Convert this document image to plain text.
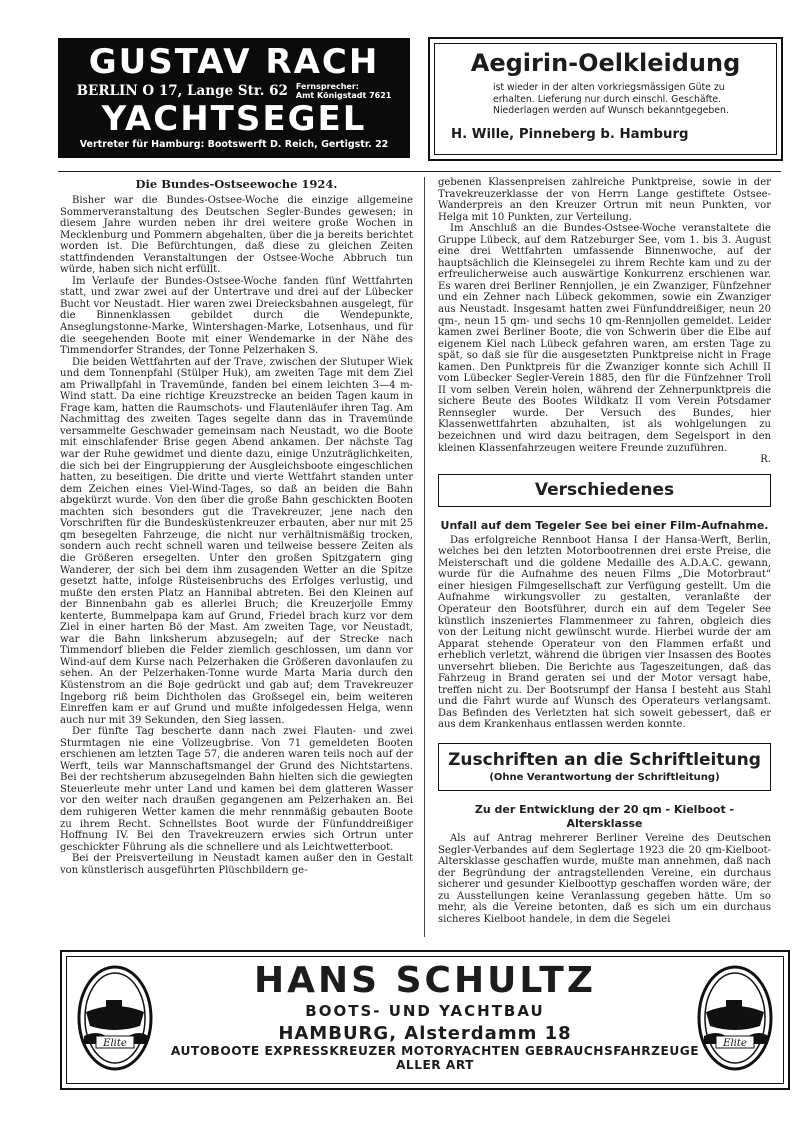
GUSTAV RACH
BERLIN O 17, Lange Str. 62 Fernsprecher:
Amt Königstadt 7621
YACHTSEGEL
Vertreter für Hamburg: Bootswerft D. Reich, Gertigstr. 22
Aegirin-Oelkleidung
ist wieder in der alten vorkriegsmässigen Güte zu
erhalten. Lieferung nur durch einschl. Geschäfte.
Niederlagen werden auf Wunsch bekanntgegeben.
H. Wille, Pinneberg b. Hamburg
Die Bundes-Ostseewoche 1924.

Bisher war die Bundes-Ostsee-Woche die einzige allgemeine Sommerveranstaltung des Deutschen Segler-Bundes gewesen; in diesem Jahre wurden neben ihr drei weitere große Wochen in Mecklenburg und Pommern abgehalten, über die ja bereits berichtet worden ist. Die Befürchtungen, daß diese zu gleichen Zeiten stattfindenden Veranstaltungen der Ostsee-Woche Abbruch tun würde, haben sich nicht erfüllt.

Im Verlaufe der Bundes-Ostsee-Woche fanden fünf Wettfahrten statt, und zwar zwei auf der Untertrave und drei auf der Lübecker Bucht vor Neustadt. Hier waren zwei Dreiecksbahnen ausgelegt, für die Binnenklassen gebildet durch die Wendepunkte, Anseglungstonne-Marke, Wintershagen-Marke, Lotsenhaus, und für die seegehenden Boote mit einer Wendemarke in der Nähe des Timmendorfer Strandes, der Tonne Pelzerhaken S.

Die beiden Wettfahrten auf der Trave, zwischen der Slutuper Wiek und dem Tonnenpfahl (Stülper Huk), am zweiten Tage mit dem Ziel am Priwallpfahl in Travemünde, fanden bei einem leichten 3—4 m-Wind statt. Da eine richtige Kreuzstrecke an beiden Tagen kaum in Frage kam, hatten die Raumschots- und Flautenläufer ihren Tag. Am Nachmittag des zweiten Tages segelte dann das in Travemünde versammelte Geschwader gemeinsam nach Neustadt, wo die Boote mit einschlafender Brise gegen Abend ankamen. Der nächste Tag war der Ruhe gewidmet und diente dazu, einige Unzuträglichkeiten, die sich bei der Eingruppierung der Ausgleichsboote eingeschlichen hatten, zu beseitigen. Die dritte und vierte Wettfahrt standen unter dem Zeichen eines Viel-Wind-Tages, so daß an beiden die Bahn abgekürzt wurde. Von den über die große Bahn geschickten Booten machten sich besonders gut die Travekreuzer, jene nach den Vorschriften für die Bundesküstenkreuzer erbauten, aber nur mit 25 qm besegelten Fahrzeuge, die nicht nur verhältnismäßig trocken, sondern auch recht schnell waren und teilweise bessere Zeiten als die Größeren ersegelten. Unter den großen Spitzgatern ging Wanderer, der sich bei dem ihm zusagenden Wetter an die Spitze gesetzt hatte, infolge Rüsteisenbruchs des Erfolges verlustig, und mußte den ersten Platz an Hannibal abtreten. Bei den Kleinen auf der Binnenbahn gab es allerlei Bruch; die Kreuzerjolle Emmy kenterte, Bummelpapa kam auf Grund, Friedel brach kurz vor dem Ziel in einer harten Bö der Mast. Am zweiten Tage, vor Neustadt, war die Bahn linksherum abzusegeln; auf der Strecke nach Timmendorf blieben die Felder ziemlich geschlossen, um dann vor Wind-auf dem Kurse nach Pelzerhaken die Größeren davonlaufen zu sehen. An der Pelzerhaken-Tonne wurde Marta Maria durch den Küstenstrom an die Boje gedrückt und gab auf; dem Travekreuzer Ingeborg riß beim Dichtholen das Großsegel ein, beim weiteren Einreffen kam er auf Grund und mußte infolgedessen Helga, wenn auch nur mit 39 Sekunden, den Sieg lassen.

Der fünfte Tag bescherte dann nach zwei Flauten- und zwei Sturmtagen nie eine Vollzeugbrise. Von 71 gemeldeten Booten erschienen am letzten Tage 57, die anderen waren teils noch auf der Werft, teils war Mannschaftsmangel der Grund des Nichtstartens. Bei der rechtsherum abzusegelnden Bahn hielten sich die gewiegten Steuerleute mehr unter Land und kamen bei dem glatteren Wasser vor den weiter nach draußen gegangenen am Pelzerhaken an. Bei dem ruhigeren Wetter kamen die mehr rennmäßig gebauten Boote zu ihrem Recht. Schnellstes Boot wurde der Fünfunddreißiger Hoffnung IV. Bei den Travekreuzern erwies sich Ortrun unter geschickter Führung als die schnellere und als Leichtwetterboot.

Bei der Preisverteilung in Neustadt kamen außer den in Gestalt von künstlerisch ausgeführten Plüschbildern ge-

gebenen Klassenpreisen zahlreiche Punktpreise, sowie in der Travekreuzerklasse der von Herrn Lange gestiftete Ostsee-Wanderpreis an den Kreuzer Ortrun mit neun Punkten, vor Helga mit 10 Punkten, zur Verteilung.

Im Anschluß an die Bundes-Ostsee-Woche veranstaltete die Gruppe Lübeck, auf dem Ratzeburger See, vom 1. bis 3. August eine drei Wettfahrten umfassende Binnenwoche, auf der hauptsächlich die Kleinsegelei zu ihrem Rechte kam und zu der erfreulicherweise auch auswärtige Konkurrenz erschienen war. Es waren drei Berliner Rennjollen, je ein Zwanziger, Fünfzehner und ein Zehner nach Lübeck gekommen, sowie ein Zwanziger aus Neustadt. Insgesamt hatten zwei Fünfunddreißiger, neun 20 qm-, neun 15 qm- und sechs 10 qm-Rennjollen gemeldet. Leider kamen zwei Berliner Boote, die von Schwerin über die Elbe auf eigenem Kiel nach Lübeck gefahren waren, am ersten Tage zu spät, so daß sie für die ausgesetzten Punktpreise nicht in Frage kamen. Den Punktpreis für die Zwanziger konnte sich Achill II vom Lübecker Segler-Verein 1885, den für die Fünfzehner Troll II vom selben Verein holen, während der Zehnerpunktpreis die sichere Beute des Bootes Wildkatz II vom Verein Potsdamer Rennsegler wurde. Der Versuch des Bundes, hier Klassenwettfahrten abzuhalten, ist als wohlgelungen zu bezeichnen und wird dazu beitragen, dem Segelsport in den kleinen Klassenfahrzeugen weitere Freunde zuzuführen.

R.
Verschiedenes
Unfall auf dem Tegeler See bei einer Film-Aufnahme.

Das erfolgreiche Rennboot Hansa I der Hansa-Werft, Berlin, welches bei den letzten Motorbootrennen drei erste Preise, die Meisterschaft und die goldene Medaille des A.D.A.C. gewann, wurde für die Aufnahme des neuen Films „Die Motorbraut“ einer hiesigen Filmgesellschaft zur Verfügung gestellt. Um die Aufnahme wirkungsvoller zu gestalten, veranlaßte der Operateur den Bootsführer, durch ein auf dem Tegeler See künstlich inszeniertes Flammenmeer zu fahren, obgleich dies von der Leitung nicht gewünscht wurde. Hierbei wurde der am Apparat stehende Operateur von den Flammen erfaßt und erheblich verletzt, während die übrigen vier Insassen des Bootes unversehrt blieben. Die Berichte aus Tageszeitungen, daß das Fahrzeug in Brand geraten sei und der Motor versagt habe, treffen nicht zu. Der Bootsrumpf der Hansa I besteht aus Stahl und die Fahrt wurde auf Wunsch des Operateurs verlangsamt. Das Befinden des Verletzten hat sich soweit gebessert, daß er aus dem Krankenhaus entlassen werden konnte.

Zuschriften an die Schriftleitung
(Ohne Verantwortung der Schriftleitung)
Zu der Entwicklung der 20 qm - Kielboot - Altersklasse

Als auf Antrag mehrerer Berliner Vereine des Deutschen Segler-Verbandes auf dem Seglertage 1923 die 20 qm-Kielboot-Altersklasse geschaffen wurde, mußte man annehmen, daß nach der Begründung der antragstellenden Vereine, ein durchaus sicherer und gesunder Kielboottyp geschaffen worden wäre, der zu Ausstellungen keine Veranlassung gegeben hätte. Um so mehr, als die Vereine betonten, daß es sich um ein durchaus sicheres Kielboot handele, in dem die Segelei

Elite
HANS SCHULTZ
BOOTS- UND YACHTBAU
HAMBURG, Alsterdamm 18
AUTOBOOTE EXPRESSKREUZER MOTORYACHTEN GEBRAUCHSFAHRZEUGE ALLER ART
Elite
